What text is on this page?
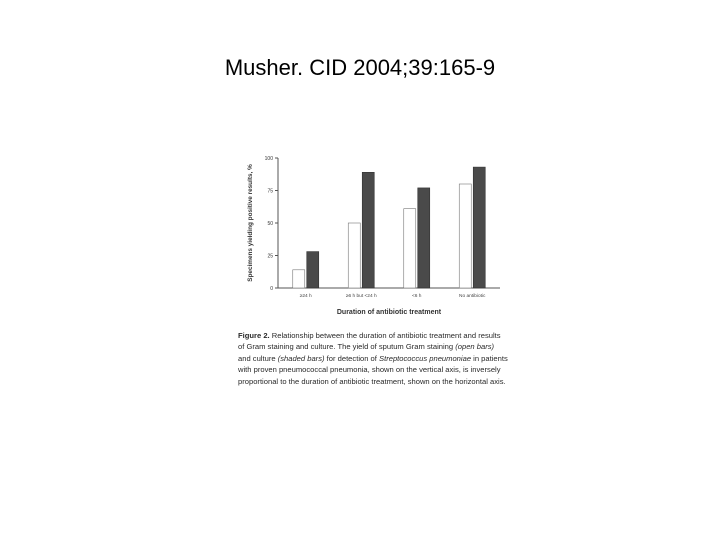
Musher. CID 2004;39:165-9
0
25
50
75
100
Specimens yielding positive results, %
≥24 h	≥6 h but <24 h	<6 h	No antibiotic
Duration of antibiotic treatment
Figure 2. Relationship between the duration of antibiotic treatment and results of Gram staining and culture. The yield of sputum Gram staining (open bars) and culture (shaded bars) for detection of Streptococcus pneumoniae in patients with proven pneumococcal pneumonia, shown on the vertical axis, is inversely proportional to the duration of antibiotic treatment, shown on the horizontal axis.
